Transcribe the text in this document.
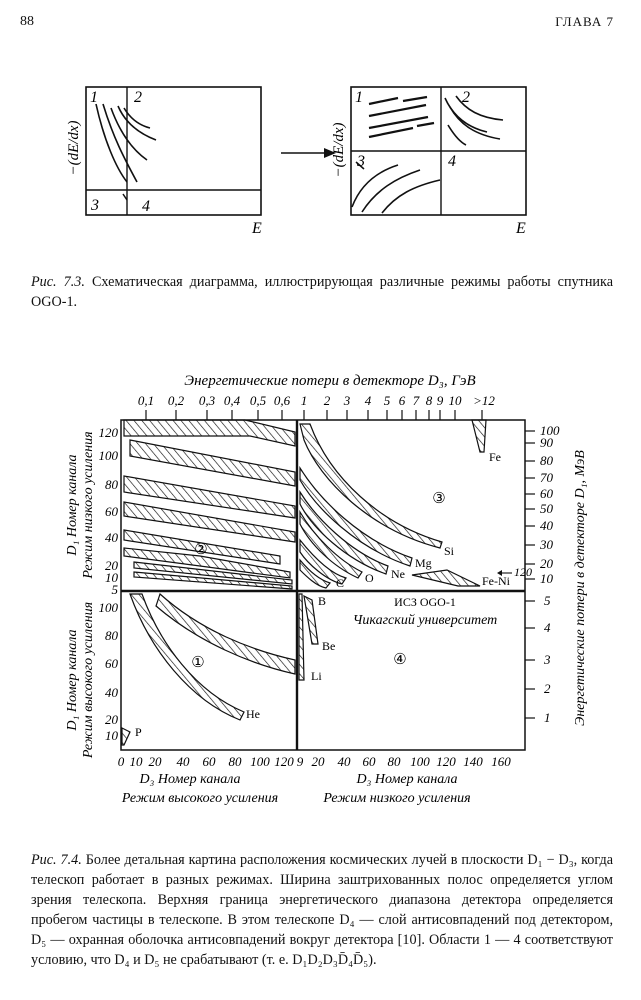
88	ГЛАВА 7
1 2
3	4
−(dE/dx)
E
1	2
3	4
−(dE/dx)
E
Рис. 7.3. Схематическая диаграмма, иллюстрирующая различные режимы работы спутника OGO-1.
Энергетические потери в детекторе D₃, ГэВ
0,1 0,2 0,3 0,4 0,5 0,6 1 2 3 4 5 6 7 8 9 10 >12
120
100
80
60
40
20
10
5
D₁ Номер канала Режим низкого усиления
100
80
60
40
20
10
D₁ Номер канала Режим высокого усиления
100
90
80
70
60
50
40
30
20
10
5
4
3
2
1 Энергетические потери в детекторе D₁, МэВ
②
③
Fe
Si
Mg
Ne
O
C
B
Be
Li
He
P
Fe-Ni
120
①	④
ИСЗ OGO-1
Чикагский университет
0 10 20 40 60 80 100 120 9 20 40 60 80 100 120 140 160
D₃ Номер канала
Режим высокого усиления
D₃ Номер канала
Режим низкого усиления
Рис. 7.4. Более детальная картина расположения космических лучей в плоскости D₁ − D₃, когда телескоп работает в разных режимах. Ширина заштрихованных полос определяется углом зрения телескопа. Верхняя граница энергетического диапазона детектора определяется пробегом частицы в телескопе. В этом телескопе D₄ — слой антисовпадений под детектором, D₅ — охранная оболочка антисовпадений вокруг детектора [10]. Области 1 — 4 соответствуют условию, что D₄ и D₅ не срабатывают (т. е. D₁D₂D₃D̄₄D̄₅).
